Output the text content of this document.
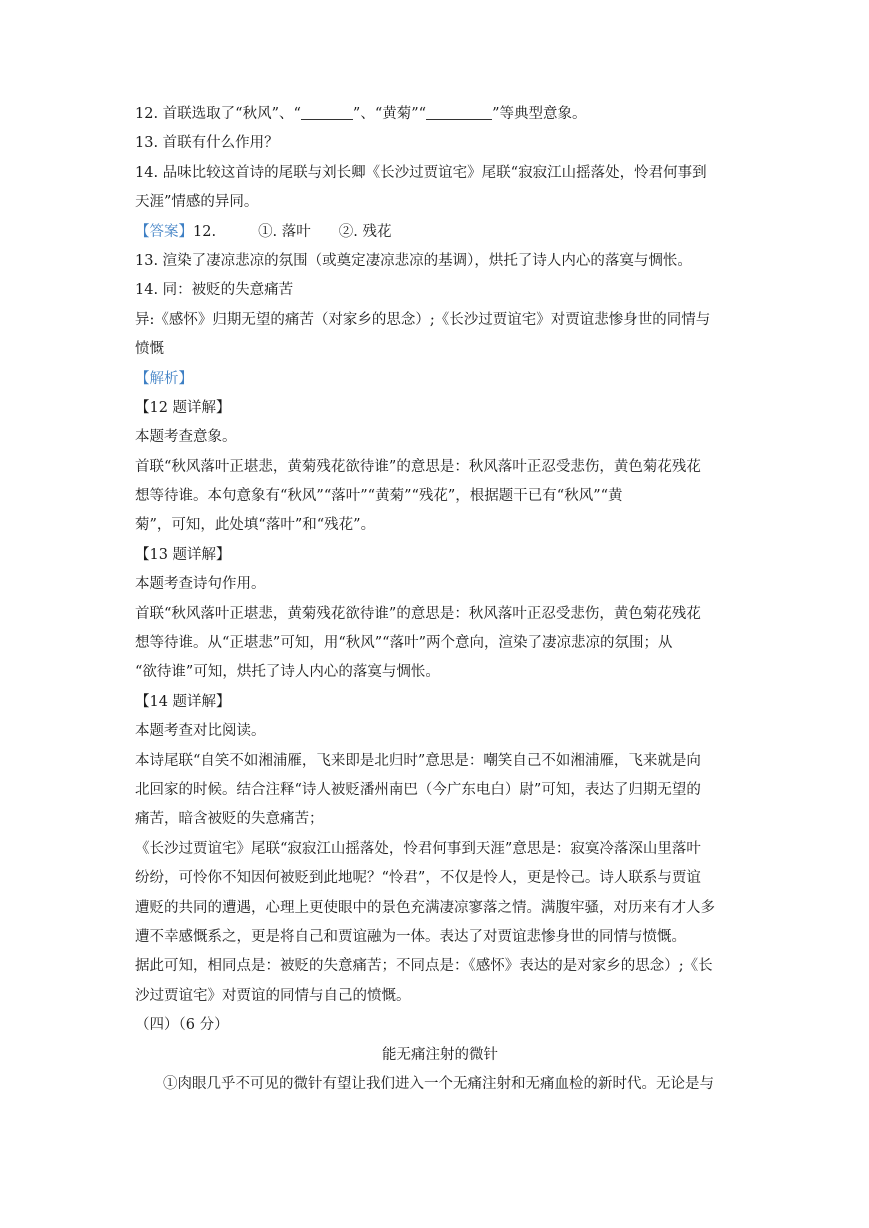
12. 首联选取了“秋风”、“	”、“黄菊”“	”等典型意象。
13. 首联有什么作用？
14. 品味比较这首诗的尾联与刘长卿《长沙过贾谊宅》尾联“寂寂江山摇落处，怜君何事到
天涯”情感的异同。
【答案】12.	①. 落叶 ②. 残花
13. 渲染了凄凉悲凉的氛围（或奠定凄凉悲凉的基调），烘托了诗人内心的落寞与惆怅。
14. 同：被贬的失意痛苦
异:《感怀》归期无望的痛苦（对家乡的思念）;《长沙过贾谊宅》对贾谊悲惨身世的同情与
愤慨
【解析】
【12 题详解】
本题考查意象。
首联“秋风落叶正堪悲，黄菊残花欲待谁”的意思是：秋风落叶正忍受悲伤，黄色菊花残花
想等待谁。本句意象有“秋风”“落叶”“黄菊”“残花”，根据题干已有“秋风”“黄
菊”，可知，此处填“落叶”和“残花”。
【13 题详解】
本题考查诗句作用。
首联“秋风落叶正堪悲，黄菊残花欲待谁”的意思是：秋风落叶正忍受悲伤，黄色菊花残花
想等待谁。从“正堪悲”可知，用“秋风”“落叶”两个意向，渲染了凄凉悲凉的氛围；从
“欲待谁”可知，烘托了诗人内心的落寞与惆怅。
【14 题详解】
本题考查对比阅读。
本诗尾联“自笑不如湘浦雁，飞来即是北归时”意思是：嘲笑自己不如湘浦雁，飞来就是向
北回家的时候。结合注释“诗人被贬潘州南巴（今广东电白）尉”可知，表达了归期无望的
痛苦，暗含被贬的失意痛苦；
《长沙过贾谊宅》尾联“寂寂江山摇落处，怜君何事到天涯”意思是：寂寞冷落深山里落叶
纷纷，可怜你不知因何被贬到此地呢？“怜君”，不仅是怜人，更是怜己。诗人联系与贾谊
遭贬的共同的遭遇，心理上更使眼中的景色充满凄凉寥落之情。满腹牢骚，对历来有才人多
遭不幸感慨系之，更是将自己和贾谊融为一体。表达了对贾谊悲惨身世的同情与愤慨。
据此可知，相同点是：被贬的失意痛苦；不同点是：《感怀》表达的是对家乡的思念）;《长
沙过贾谊宅》对贾谊的同情与自己的愤慨。
（四）（6 分）
能无痛注射的微针
①肉眼几乎不可见的微针有望让我们进入一个无痛注射和无痛血检的新时代。无论是与
